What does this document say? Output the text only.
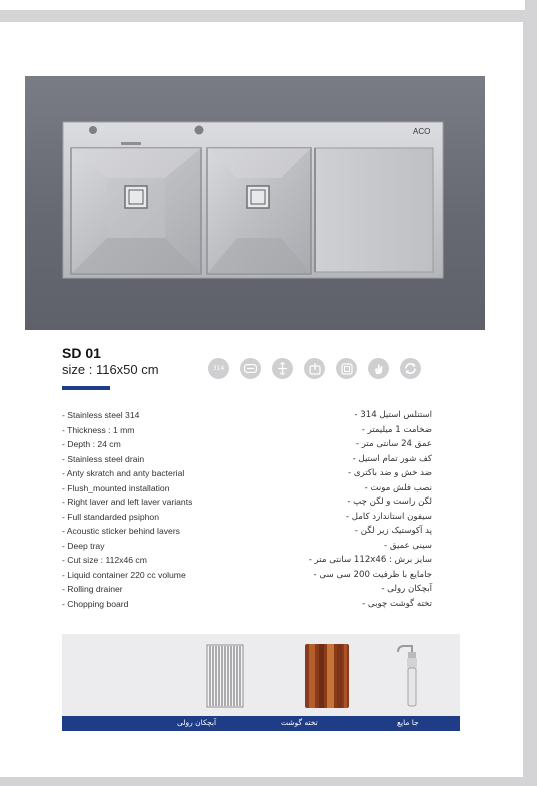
ACO
SD 01
size : 116x50 cm	314
- Stainless steel 314
- Thickness : 1 mm
- Depth : 24 cm
- Stainless steel drain
- Anty skratch and anty bacterial
- Flush_mounted installation
- Right laver and left laver variants
- Full standarded psiphon
- Acoustic sticker behind lavers
- Deep tray
- Cut size : 112x46 cm
- Liquid container 220 cc volume
- Rolling drainer
- Chopping board
استنلس استیل 314 -
ضخامت 1 میلیمتر -
عمق 24 سانتی متر -
کف شور تمام استیل -
ضد خش و ضد باکتری -
نصب فلش مونت -
لگن راست و لگن چپ -
سیفون استاندارد کامل -
پد آکوستیک زیر لگن -
سینی عمیق -
سایز برش : 112x46 سانتی متر -
جامایع با ظرفیت 200 سی سی -
آبچکان رولی -
تخته گوشت چوبی -
آبچکان رولی	تخته گوشت	جا مایع
